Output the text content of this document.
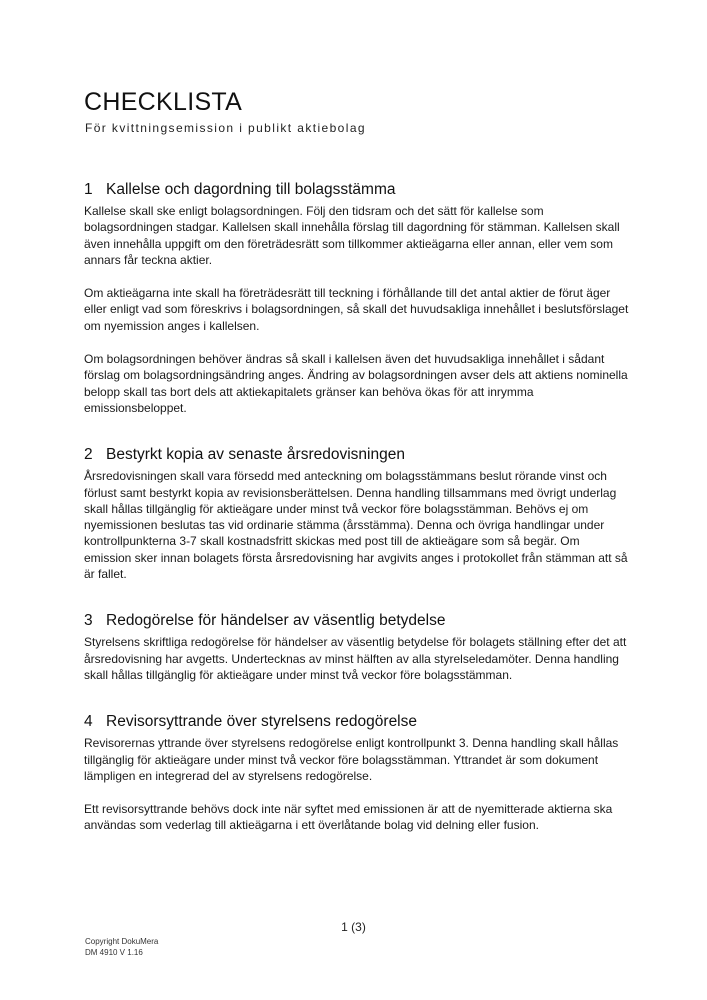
CHECKLISTA
För kvittningsemission i publikt aktiebolag
1 Kallelse och dagordning till bolagsstämma

Kallelse skall ske enligt bolagsordningen. Följ den tidsram och det sätt för kallelse som bolagsordningen stadgar. Kallelsen skall innehålla förslag till dagordning för stämman. Kallelsen skall även innehålla uppgift om den företrädesrätt som tillkommer aktieägarna eller annan, eller vem som annars får teckna aktier.

Om aktieägarna inte skall ha företrädesrätt till teckning i förhållande till det antal aktier de förut äger eller enligt vad som föreskrivs i bolagsordningen, så skall det huvudsakliga innehållet i beslutsförslaget om nyemission anges i kallelsen.

Om bolagsordningen behöver ändras så skall i kallelsen även det huvudsakliga innehållet i sådant förslag om bolagsordningsändring anges. Ändring av bolagsordningen avser dels att aktiens nominella belopp skall tas bort dels att aktiekapitalets gränser kan behöva ökas för att inrymma emissionsbeloppet.

2 Bestyrkt kopia av senaste årsredovisningen

Årsredovisningen skall vara försedd med anteckning om bolagsstämmans beslut rörande vinst och förlust samt bestyrkt kopia av revisionsberättelsen. Denna handling tillsammans med övrigt underlag skall hållas tillgänglig för aktieägare under minst två veckor före bolagsstämman. Behövs ej om nyemissionen beslutas tas vid ordinarie stämma (årsstämma). Denna och övriga handlingar under kontrollpunkterna 3-7 skall kostnadsfritt skickas med post till de aktieägare som så begär. Om emission sker innan bolagets första årsredovisning har avgivits anges i protokollet från stämman att så är fallet.

3 Redogörelse för händelser av väsentlig betydelse

Styrelsens skriftliga redogörelse för händelser av väsentlig betydelse för bolagets ställning efter det att årsredovisning har avgetts. Undertecknas av minst hälften av alla styrelseledamöter. Denna handling skall hållas tillgänglig för aktieägare under minst två veckor före bolagsstämman.

4 Revisorsyttrande över styrelsens redogörelse

Revisorernas yttrande över styrelsens redogörelse enligt kontrollpunkt 3. Denna handling skall hållas tillgänglig för aktieägare under minst två veckor före bolagsstämman. Yttrandet är som dokument lämpligen en integrerad del av styrelsens redogörelse.

Ett revisorsyttrande behövs dock inte när syftet med emissionen är att de nyemitterade aktierna ska användas som vederlag till aktieägarna i ett överlåtande bolag vid delning eller fusion.

1 (3)
Copyright DokuMera
DM 4910 V 1.16
